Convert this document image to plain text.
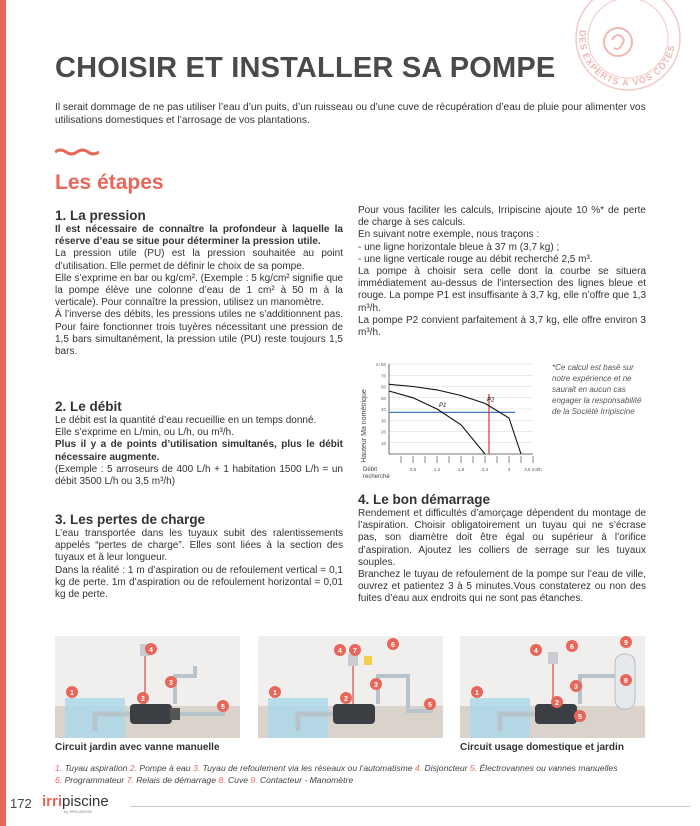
DES EXPERTS À VOS CÔTÉS
CHOISIR ET INSTALLER SA POMPE

Il serait dommage de ne pas utiliser l’eau d’un puits, d’un ruisseau ou d’une cuve de récupération d’eau de pluie pour alimenter vos utilisations domestiques et l’arrosage de vos plantations.

Les étapes
1. La pression

Il est nécessaire de connaître la profondeur à laquelle la réserve d’eau se situe pour déterminer la pression utile.

La pression utile (PU) est la pression souhaitée au point d’utilisation. Elle permet de définir le choix de sa pompe.

Elle s’exprime en bar ou kg/cm². (Exemple : 5 kg/cm² signifie que la pompe élève une colonne d’eau de 1 cm² à 50 m à la verticale). Pour connaître la pression, utilisez un manomètre.

À l’inverse des débits, les pressions utiles ne s’additionnent pas. Pour faire fonctionner trois tuyères nécessitant une pression de 1,5 bars simultanément, la pression utile (PU) reste toujours 1,5 bars.

2. Le débit

Le débit est la quantité d’eau recueillie en un temps donné.

Elle s’exprime en L/min, ou L/h, ou m³/h.

Plus il y a de points d’utilisation simultanés, plus le débit nécessaire augmente.

(Exemple : 5 arroseurs de 400 L/h + 1 habitation 1500 L/h = un débit 3500 L/h ou 3,5 m³/h)

3. Les pertes de charge

L’eau transportée dans les tuyaux subit des ralentissements appelés “pertes de charge”. Elles sont liées à la section des tuyaux et à leur longueur.

Dans la réalité : 1 m d’aspiration ou de refoulement vertical = 0,1 kg de perte. 1m d’aspiration ou de refoulement horizontal = 0,01 kg de perte.

Pour vous faciliter les calculs, Irripiscine ajoute 10 %* de perte de charge à ses calculs.

En suivant notre exemple, nous traçons :

- une ligne horizontale bleue à 37 m (3,7 kg) ;

- une ligne verticale rouge au débit recherché 2,5 m³.

La pompe à choisir sera celle dont la courbe se situera immédiatement au-dessus de l’intersection des lignes bleue et rouge. La pompe P1 est insuffisante à 3,7 kg, elle n’offre que 1,3 m³/h.

La pompe P2 convient parfaitement à 3,7 kg, elle offre environ 3 m³/h.

Hauteur Ma nométrique
Débit recherché
m 80
70
60
50
40
30
20
10
0,6	1,2	1,8	2,4	3	3,6 m3/h
P2
P1

*Ce calcul est basé sur notre expérience et ne saurait en aucun cas engager la responsabilité de la Société Irripiscine

4. Le bon démarrage

Rendement et difficultés d’amorçage dépendent du montage de l’aspiration. Choisir obligatoirement un tuyau qui ne s’écrase pas, son diamètre doit être égal ou supérieur à l’orifice d’aspiration. Ajoutez les colliers de serrage sur les tuyaux souples.

Branchez le tuyau de refoulement de la pompe sur l’eau de ville, ouvrez et patientez 3 à 5 minutes.Vous constaterez ou non des fuites d’eau aux endroits qui ne sont pas étanches.

1
2
3
4
5
1
2
3
4 7
6
5
1
2
3
4
5
6
8
9
Circuit jardin avec vanne manuelle	Circuit usage domestique et jardin
1. Tuyau aspiration 2. Pompe à eau 3. Tuyau de refoulement via les réseaux ou l’automatisme 4. Disjoncteur 5. Électrovannes ou vannes manuelles
6. Programmateur 7. Relais de démarrage 8. Cuve 9. Contacteur - Manomètre
172 irripiscine
by IRRIJARDIN
